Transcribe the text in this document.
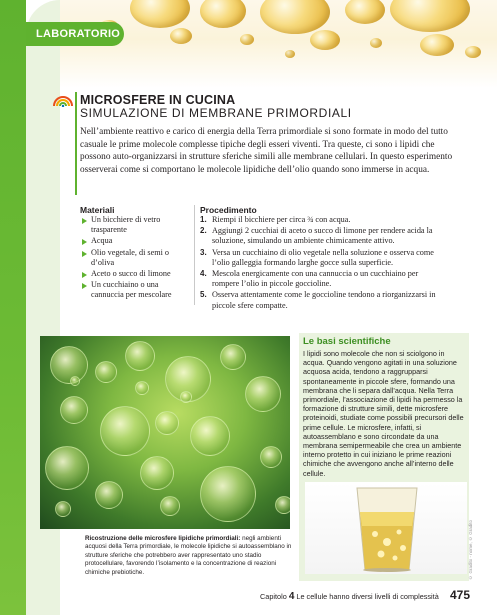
LABORATORIO
MICROSFERE IN CUCINA
SIMULAZIONE DI MEMBRANE PRIMORDIALI

Nell’ambiente reattivo e carico di energia della Terra primordiale si sono formate in modo del tutto casuale le prime molecole complesse tipiche degli esseri viventi. Tra queste, ci sono i lipidi che possono auto-organizzarsi in strutture sferiche simili alle membrane cellulari. In questo esperimento osserverai come si comportano le molecole lipidiche dell’olio quando sono immerse in acqua.

Materiali
Un bicchiere di vetro trasparente
Acqua
Olio vegetale, di semi o d’oliva
Aceto o succo di limone
Un cucchiaino o una cannuccia per mescolare
Procedimento
1. Riempi il bicchiere per circa ¾ con acqua.
2. Aggiungi 2 cucchiai di aceto o succo di limone per rendere acida la soluzione, simulando un ambiente chimicamente attivo.
3. Versa un cucchiaino di olio vegetale nella soluzione e osserva come l’olio galleggia formando larghe gocce sulla superficie.
4. Mescola energicamente con una cannuccia o un cucchiaino per rompere l’olio in piccole goccioline.
5. Osserva attentamente come le goccioline tendono a riorganizzarsi in piccole sfere compatte.

Ricostruzione delle microsfere lipidiche primordiali: negli ambienti acquosi della Terra primordiale, le molecole lipidiche si autoassemblano in strutture sferiche che potrebbero aver rappresentato uno stadio protocellulare, favorendo l’isolamento e la concentrazione di reazioni chimiche prebiotiche.

Le basi scientifiche

I lipidi sono molecole che non si sciolgono in acqua. Quando vengono agitati in una soluzione acquosa acida, tendono a raggrupparsi spontaneamente in piccole sfere, formando una membrana che li separa dall’acqua. Nella Terra primordiale, l’associazione di lipidi ha permesso la formazione di strutture simili, dette microsfere proteinoidi, studiate come possibili precursori delle prime cellule. Le microsfere, infatti, si autoassemblano e sono circondate da una membrana semipermeabile che crea un ambiente interno protetto in cui iniziano le prime reazioni chimiche che avvengono anche all’interno delle cellule.

© Gradito - nome, © Gradito
Capitolo 4 Le cellule hanno diversi livelli di complessità 475
